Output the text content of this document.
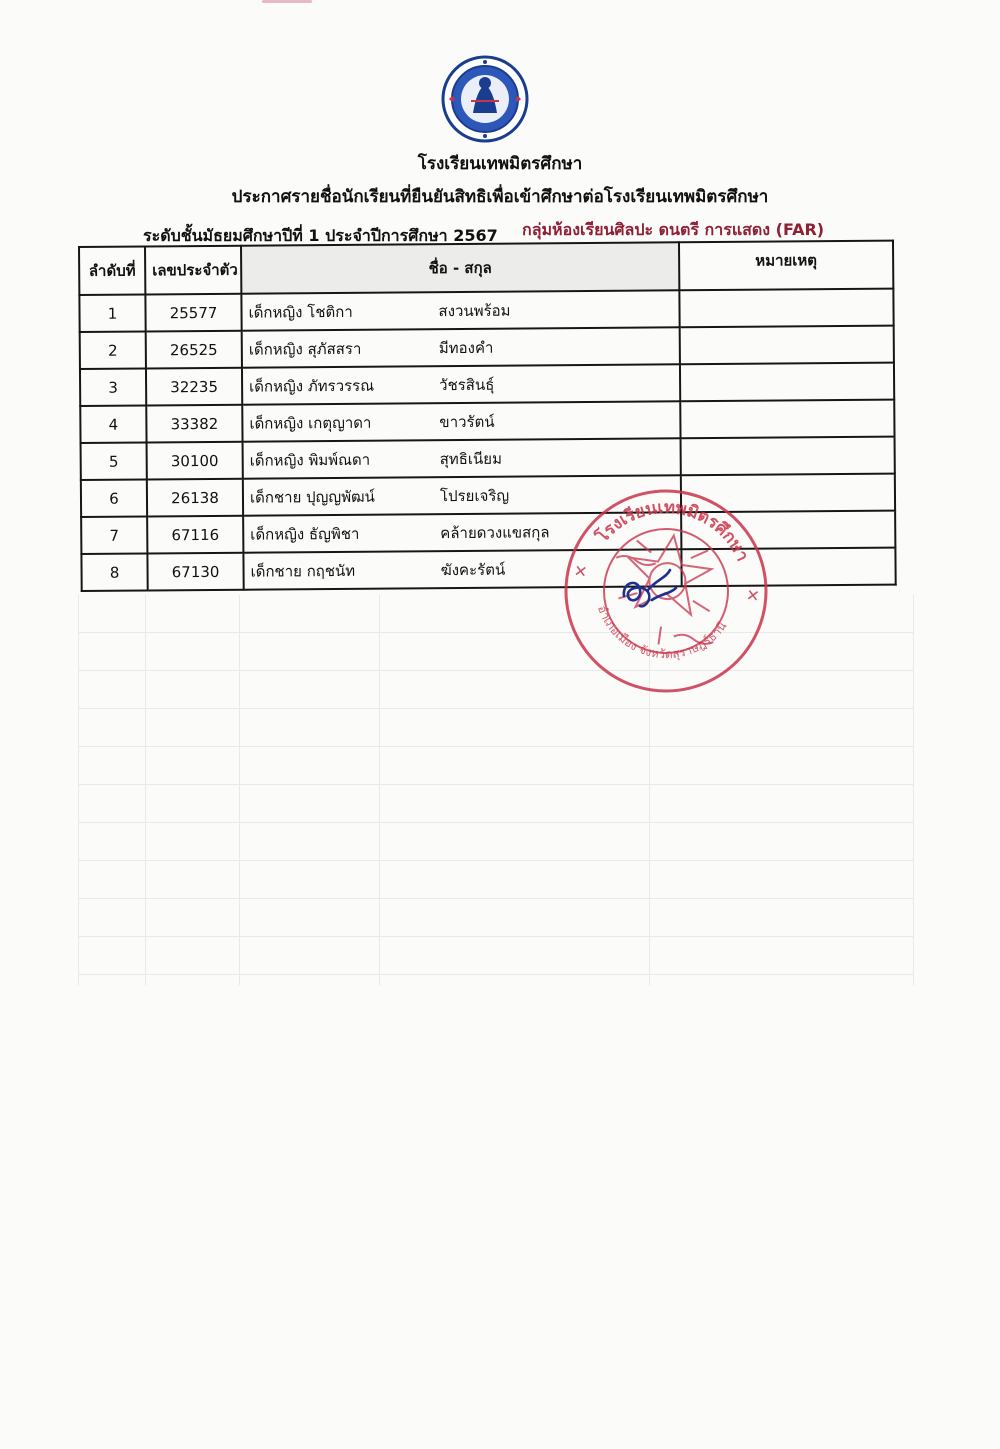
โรงเรียนเทพมิตรศึกษา
ประกาศรายชื่อนักเรียนที่ยืนยันสิทธิเพื่อเข้าศึกษาต่อโรงเรียนเทพมิตรศึกษา
ระดับชั้นมัธยมศึกษาปีที่ 1 ประจำปีการศึกษา 2567 กลุ่มห้องเรียนศิลปะ ดนตรี การแสดง (FAR)
ลำดับที่	เลขประจำตัว	ชื่อ - สกุล	หมายเหตุ
1	25577	เด็กหญิง โชติกา สงวนพร้อม	
2	26525	เด็กหญิง สุภัสสรา มีทองคำ	
3	32235	เด็กหญิง ภัทรวรรณ วัชรสินธุ์	
4	33382	เด็กหญิง เกตุญาดา ขาวรัตน์	
5	30100	เด็กหญิง พิมพ์ณดา สุทธิเนียม	
6	26138	เด็กชาย ปุญญพัฒน์ โปรยเจริญ	
7	67116	เด็กหญิง ธัญพิชา คล้ายดวงแขสกุล	
8	67130	เด็กชาย กฤชนัท ฆังคะรัตน์	
โรงเรียนเทพมิตรศึกษา
อำเภอเมือง จังหวัดสุราษฎร์ธานี
✕
✕
